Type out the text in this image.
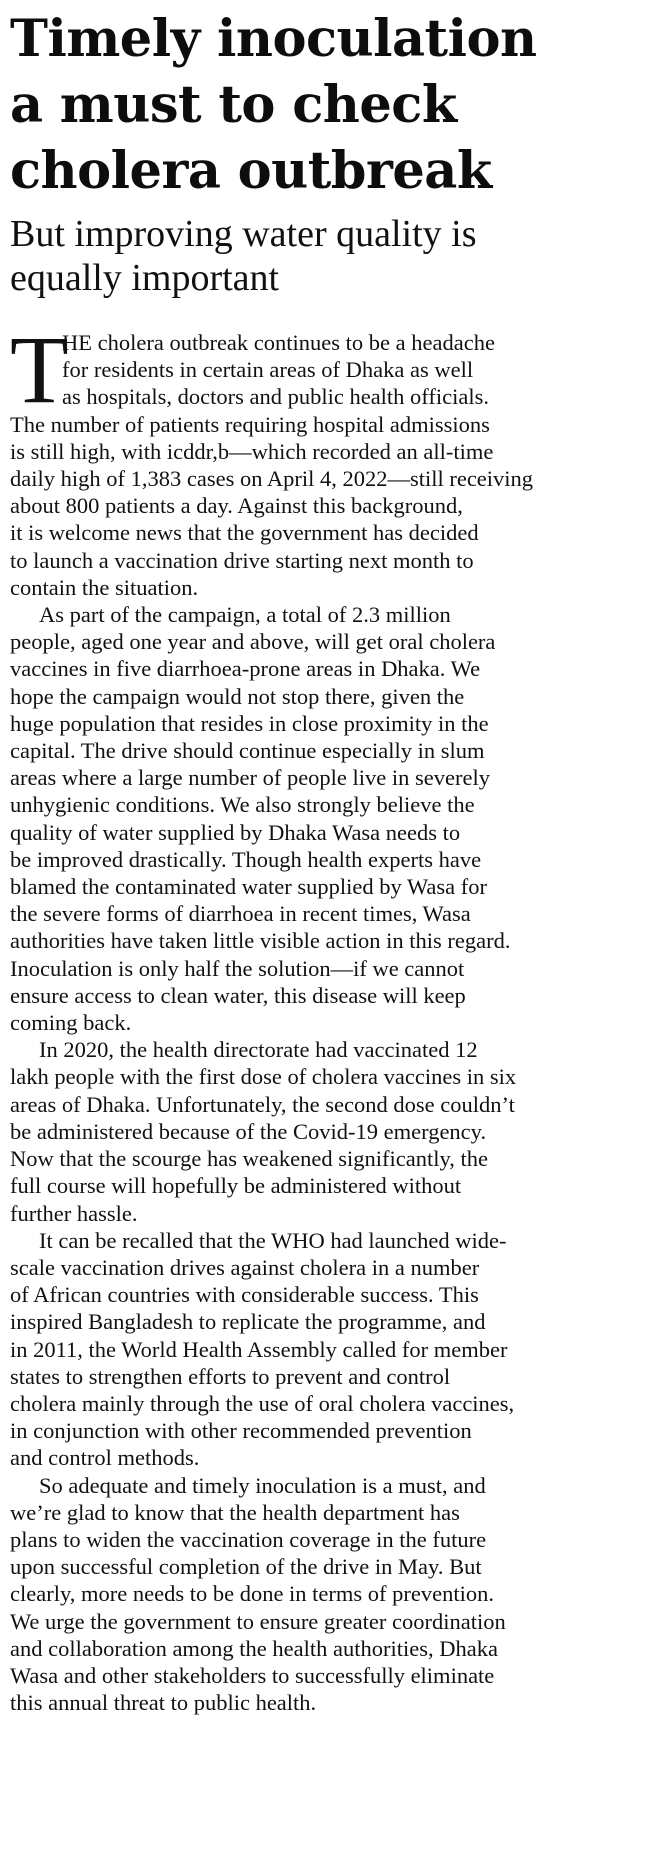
Timely inoculation
a must to check
cholera outbreak
But improving water quality is
equally important
T
HE cholera outbreak continues to be a headache
for residents in certain areas of Dhaka as well
as hospitals, doctors and public health officials.
The number of patients requiring hospital admissions
is still high, with icddr,b—which recorded an all-time
daily high of 1,383 cases on April 4, 2022—still receiving
about 800 patients a day. Against this background,
it is welcome news that the government has decided
to launch a vaccination drive starting next month to
contain the situation.
As part of the campaign, a total of 2.3 million
people, aged one year and above, will get oral cholera
vaccines in five diarrhoea-prone areas in Dhaka. We
hope the campaign would not stop there, given the
huge population that resides in close proximity in the
capital. The drive should continue especially in slum
areas where a large number of people live in severely
unhygienic conditions. We also strongly believe the
quality of water supplied by Dhaka Wasa needs to
be improved drastically. Though health experts have
blamed the contaminated water supplied by Wasa for
the severe forms of diarrhoea in recent times, Wasa
authorities have taken little visible action in this regard.
Inoculation is only half the solution—if we cannot
ensure access to clean water, this disease will keep
coming back.
In 2020, the health directorate had vaccinated 12
lakh people with the first dose of cholera vaccines in six
areas of Dhaka. Unfortunately, the second dose couldn’t
be administered because of the Covid-19 emergency.
Now that the scourge has weakened significantly, the
full course will hopefully be administered without
further hassle.
It can be recalled that the WHO had launched wide-
scale vaccination drives against cholera in a number
of African countries with considerable success. This
inspired Bangladesh to replicate the programme, and
in 2011, the World Health Assembly called for member
states to strengthen efforts to prevent and control
cholera mainly through the use of oral cholera vaccines,
in conjunction with other recommended prevention
and control methods.
So adequate and timely inoculation is a must, and
we’re glad to know that the health department has
plans to widen the vaccination coverage in the future
upon successful completion of the drive in May. But
clearly, more needs to be done in terms of prevention.
We urge the government to ensure greater coordination
and collaboration among the health authorities, Dhaka
Wasa and other stakeholders to successfully eliminate
this annual threat to public health.
